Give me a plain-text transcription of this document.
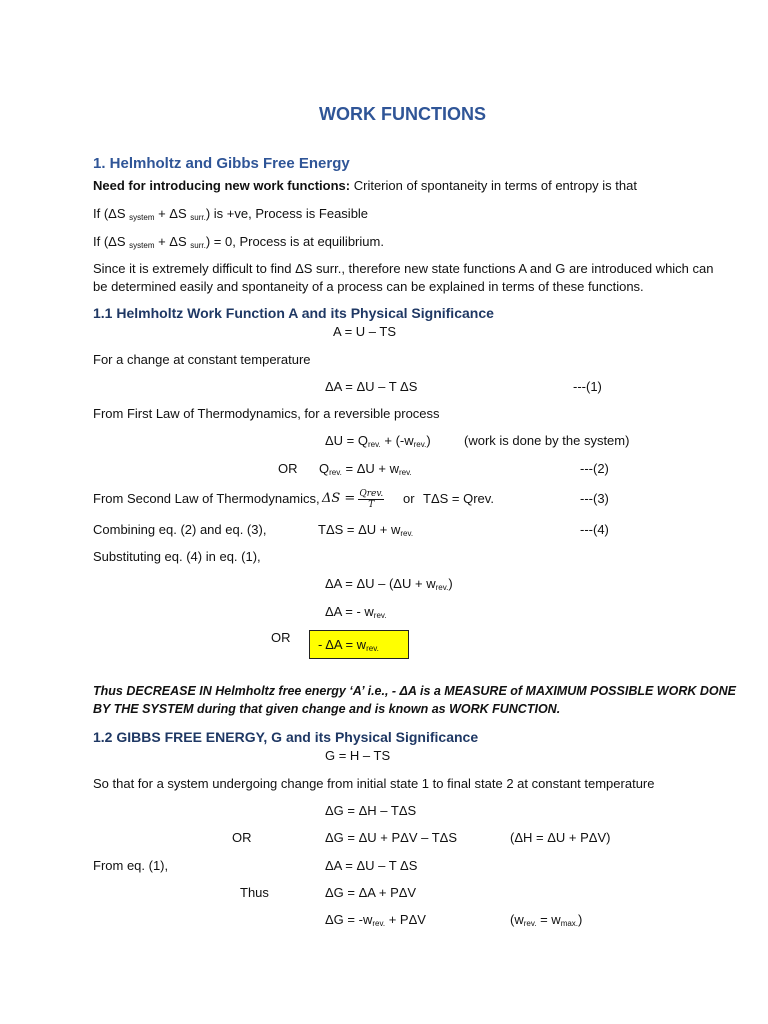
WORK FUNCTIONS
1. Helmholtz and Gibbs Free Energy
Need for introducing new work functions: Criterion of spontaneity in terms of entropy is that
If (ΔS $_{system}$ + ΔS $_{surr.}$) is +ve, Process is Feasible
If (ΔS $_{system}$ + ΔS $_{surr.}$) = 0, Process is at equilibrium.
Since it is extremely difficult to find ΔS surr., therefore new state functions A and G are introduced which can
be determined easily and spontaneity of a process can be explained in terms of these functions.
1.1 Helmholtz Work Function A and its Physical Significance
A = U – TS
For a change at constant temperature
ΔA = ΔU – T ΔS	---(1)
From First Law of Thermodynamics, for a reversible process
$\Delta U = Q_{rev.} + (-w_{rev.})$	(work is done by the system)
OR $Q_{rev.} = \Delta U + w_{rev.}$	---(2)
From Second Law of Thermodynamics, $\Delta S = \frac{\text{Qrev.}}{T}$ or TΔS = Qrev.	---(3)
Combining eq. (2) and eq. (3),	$T\Delta S = \Delta U + w_{rev.}$	---(4)
Substituting eq. (4) in eq. (1),
$\Delta A = \Delta U - (\Delta U + w_{rev.})$
ΔA = - $w_{rev.}$
OR - $\Delta A = w_{rev.}$
Thus DECREASE IN Helmholtz free energy ‘A’ i.e., - ΔA is a MEASURE of MAXIMUM POSSIBLE WORK DONE
BY THE SYSTEM during that given change and is known as WORK FUNCTION.
1.2 GIBBS FREE ENERGY, G and its Physical Significance
G = H – TS
So that for a system undergoing change from initial state 1 to final state 2 at constant temperature
ΔG = ΔH – TΔS
OR	ΔG = ΔU + PΔV – TΔS	(ΔH = ΔU + PΔV)
From eq. (1),	ΔA = ΔU – T ΔS
Thus	ΔG = ΔA + PΔV
$\Delta G = -w_{rev.} + P\Delta V$	$(w_{rev.} = w_{max.})$
